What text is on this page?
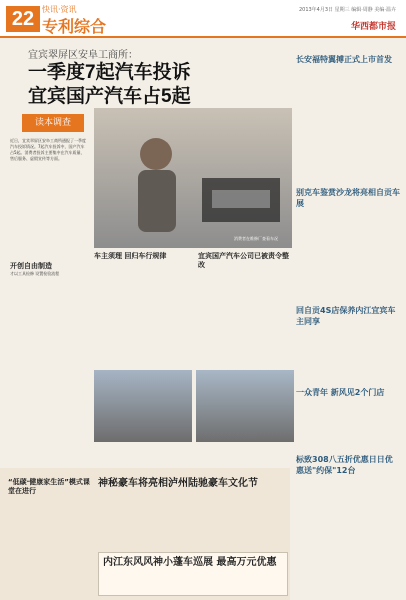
22 快讯·资讯
专利综合
2013年4月3日 星期三 编辑·周静 美编·温卉
华西都市报
宜宾翠屏区安阜工商所：
一季度7起汽车投诉
宜宾国产汽车占5起
读本调查
近日，宜宾翠屏区安阜工商所通报了一季度汽车投诉情况。7起汽车投诉中，国产汽车占5起。消费者投诉主要集中在汽车质量、售后服务、虚假宣传等方面。
消费者在维修厂查看车况
开创自由制造
才以工具检修 设置检验流程
车主须理 回归车行规律	宜宾国产汽车公司已被责令整改
长安福特翼搏正式上市首发
别克车鉴赏沙龙将亮相自贡车展
回自贡4S店保养内江宜宾车主同享
一众青年 新风见2个门店
标致308八五折优惠日日优惠送"约保"12台
“低碳·健康家生活”模式课堂在进行
神秘豪车将亮相泸州陆驰豪车文化节
内江东风风神小蓬车巡展 最高万元优惠
